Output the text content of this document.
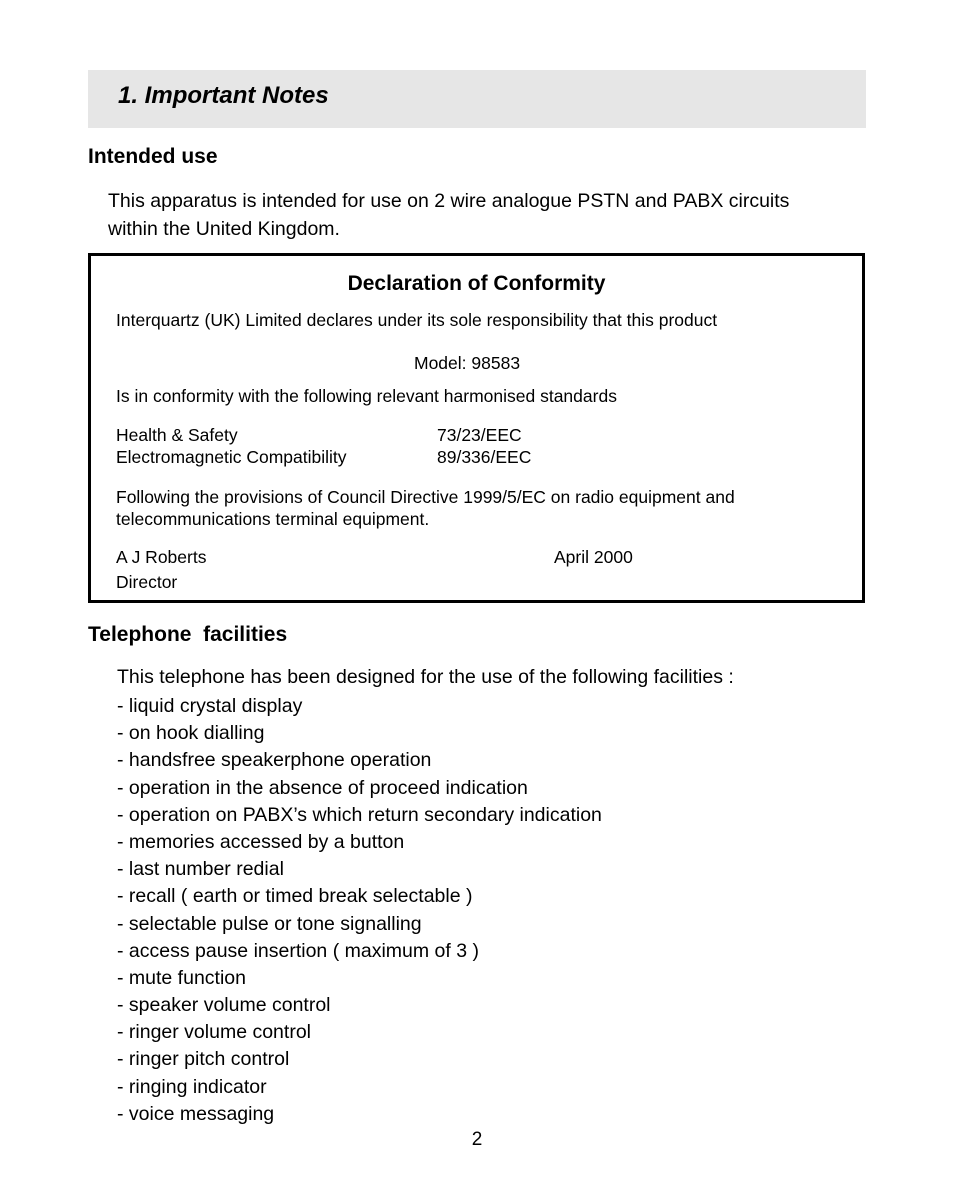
1. Important Notes
Intended use
This apparatus is intended for use on 2 wire analogue PSTN and PABX circuits
within the United Kingdom.
Declaration of Conformity
Interquartz (UK) Limited declares under its sole responsibility that this product
Model: 98583
Is in conformity with the following relevant harmonised standards
Health & Safety	73/23/EEC
Electromagnetic Compatibility	89/336/EEC
Following the provisions of Council Directive 1999/5/EC on radio equipment and
telecommunications terminal equipment.
A J Roberts	April 2000
Director
Telephone  facilities
This telephone has been designed for the use of the following facilities :
- liquid crystal display
- on hook dialling
- handsfree speakerphone operation
- operation in the absence of proceed indication
- operation on PABX’s which return secondary indication
- memories accessed by a button
- last number redial
- recall ( earth or timed break selectable )
- selectable pulse or tone signalling
- access pause insertion ( maximum of 3 )
- mute function
- speaker volume control
- ringer volume control
- ringer pitch control
- ringing indicator
- voice messaging
2
